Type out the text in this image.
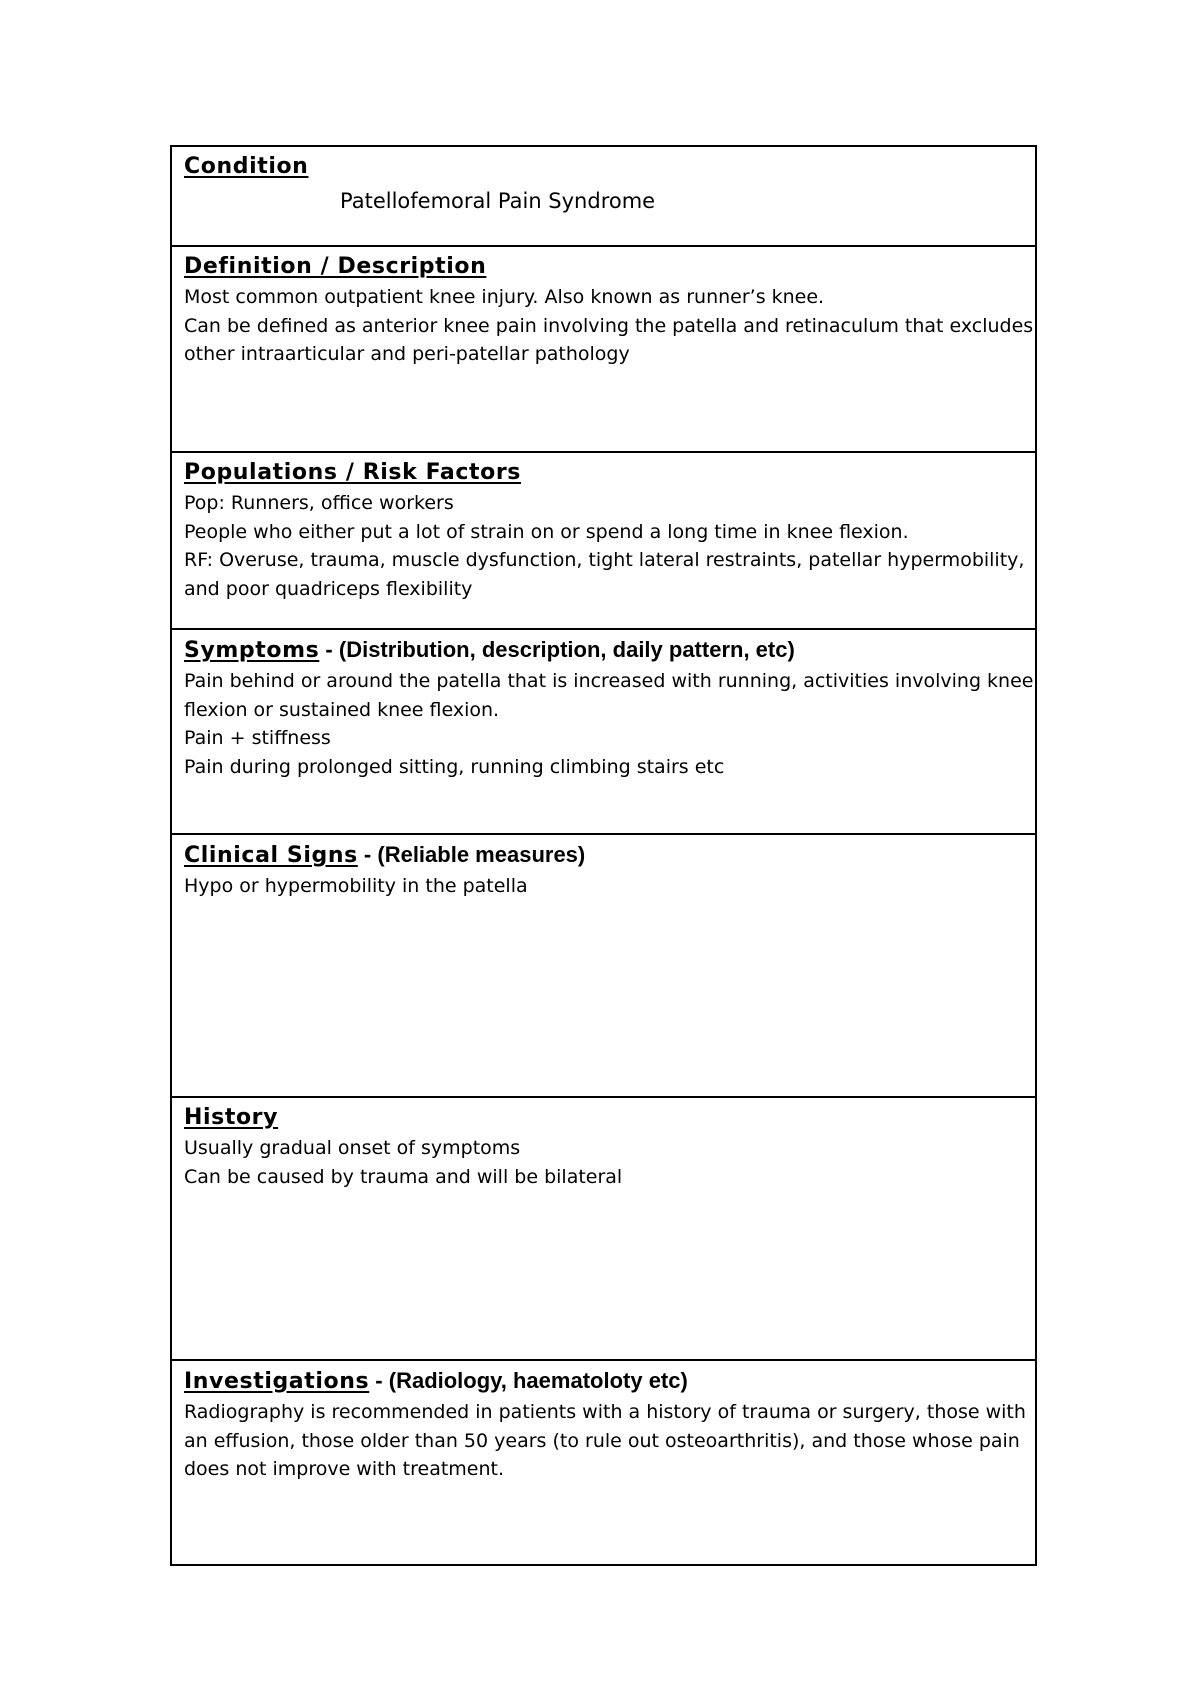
Condition
Patellofemoral Pain Syndrome
Definition / Description
Most common outpatient knee injury. Also known as runner’s knee.
Can be defined as anterior knee pain involving the patella and retinaculum that excludes
other intraarticular and peri-patellar pathology
Populations / Risk Factors
Pop: Runners, office workers
People who either put a lot of strain on or spend a long time in knee flexion.
RF: Overuse, trauma, muscle dysfunction, tight lateral restraints, patellar hypermobility,
and poor quadriceps flexibility
Symptoms - (Distribution, description, daily pattern, etc)
Pain behind or around the patella that is increased with running, activities involving knee
flexion or sustained knee flexion.
Pain + stiffness
Pain during prolonged sitting, running climbing stairs etc
Clinical Signs - (Reliable measures)
Hypo or hypermobility in the patella
History
Usually gradual onset of symptoms
Can be caused by trauma and will be bilateral
Investigations - (Radiology, haematoloty etc)
Radiography is recommended in patients with a history of trauma or surgery, those with
an effusion, those older than 50 years (to rule out osteoarthritis), and those whose pain
does not improve with treatment.
